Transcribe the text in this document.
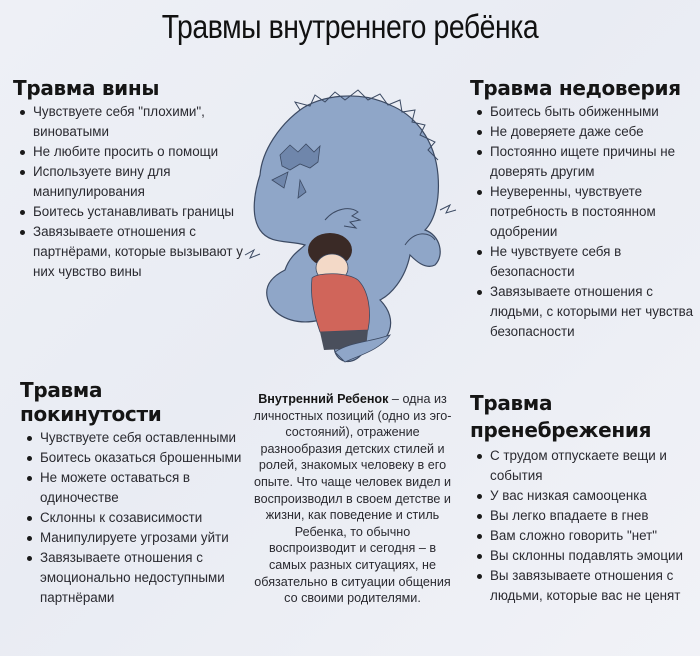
Травмы внутреннего ребёнка
Травма вины
Чувствуете себя "плохими", виноватыми
Не любите просить о помощи
Используете вину для манипулирования
Боитесь устанавливать границы
Завязываете отношения с партнёрами, которые вызывают у них чувство вины
Травма недоверия
Боитесь быть обиженными
Не доверяете даже себе
Постоянно ищете причины не доверять другим
Неуверенны, чувствуете потребность в постоянном одобрении
Не чувствуете себя в безопасности
Завязываете отношения с людьми, с которыми нет чувства безопасности
Травма покинутости
Чувствуете себя оставленными
Боитесь оказаться брошенными
Не можете оставаться в одиночестве
Склонны к созависимости
Манипулируете угрозами уйти
Завязываете отношения с эмоционально недоступными партнёрами
Внутренний Ребенок – одна из личностных позиций (одно из эго-состояний), отражение разнообразия детских стилей и ролей, знакомых человеку в его опыте. Что чаще человек видел и воспроизводил в своем детстве и жизни, как поведение и стиль Ребенка, то обычно воспроизводит и сегодня – в самых разных ситуациях, не обязательно в ситуации общения со своими родителями.
Травма пренебрежения
С трудом отпускаете вещи и события
У вас низкая самооценка
Вы легко впадаете в гнев
Вам сложно говорить "нет"
Вы склонны подавлять эмоции
Вы завязываете отношения с людьми, которые вас не ценят
